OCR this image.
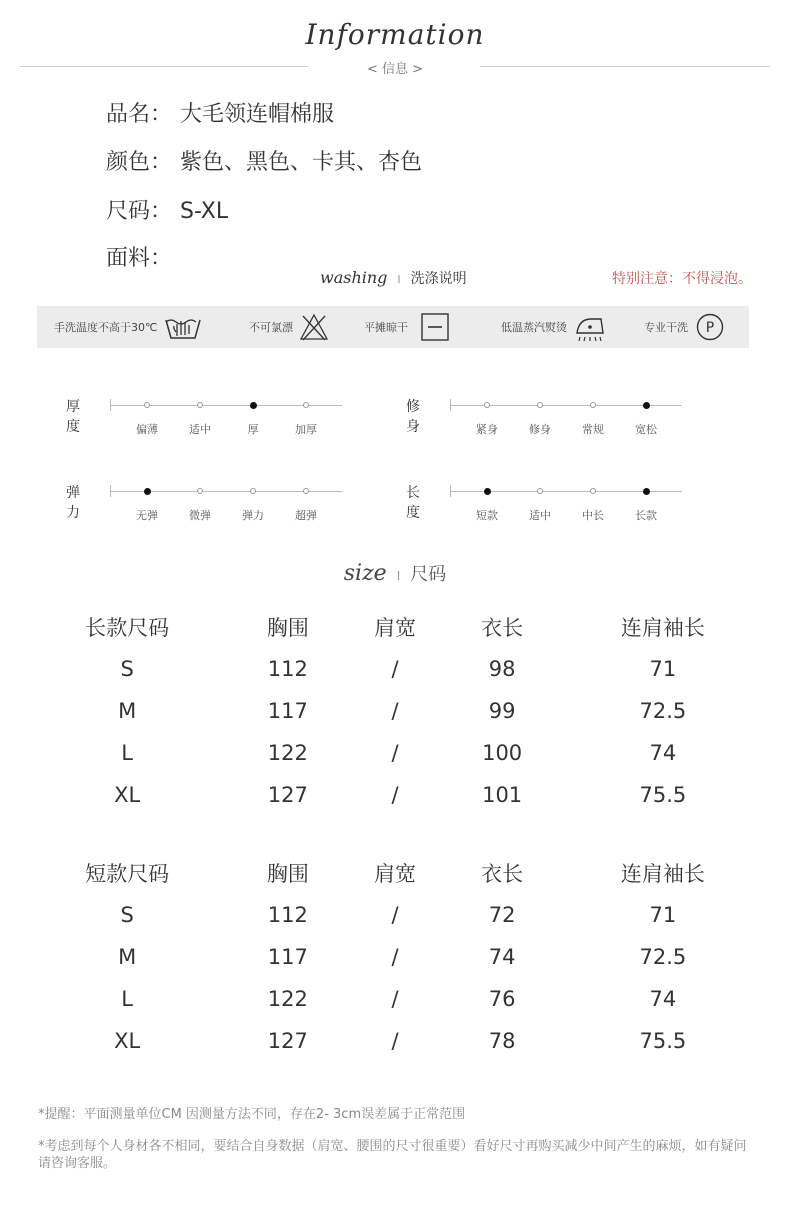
Information
< 信息 >
品名： 大毛领连帽棉服
颜色： 紫色、黑色、卡其、杏色
尺码： S-XL
面料：
washing I 洗涤说明	特别注意：不得浸泡。
手洗温度不高于30℃	不可氯漂	平摊晾干	低温蒸汽熨烫	专业干洗 P
厚度	偏薄	适中	厚	加厚
修身	紧身	修身	常规	宽松
弹力	无弹	微弹	弹力	超弹
长度	短款	适中	中长	长款
size I 尺码
长款尺码	胸围	肩宽	衣长	连肩袖长
S	112	/	98	71
M	117	/	99	72.5
L	122	/	100	74
XL	127	/	101	75.5
短款尺码	胸围	肩宽	衣长	连肩袖长
S	112	/	72	71
M	117	/	74	72.5
L	122	/	76	74
XL	127	/	78	75.5
*提醒：平面测量单位CM 因测量方法不同，存在2- 3cm误差属于正常范围
*考虑到每个人身材各不相同，要结合自身数据（肩宽、腰围的尺寸很重要）看好尺寸再购买减少中间产生的麻烦，如有疑问请咨询客服。
